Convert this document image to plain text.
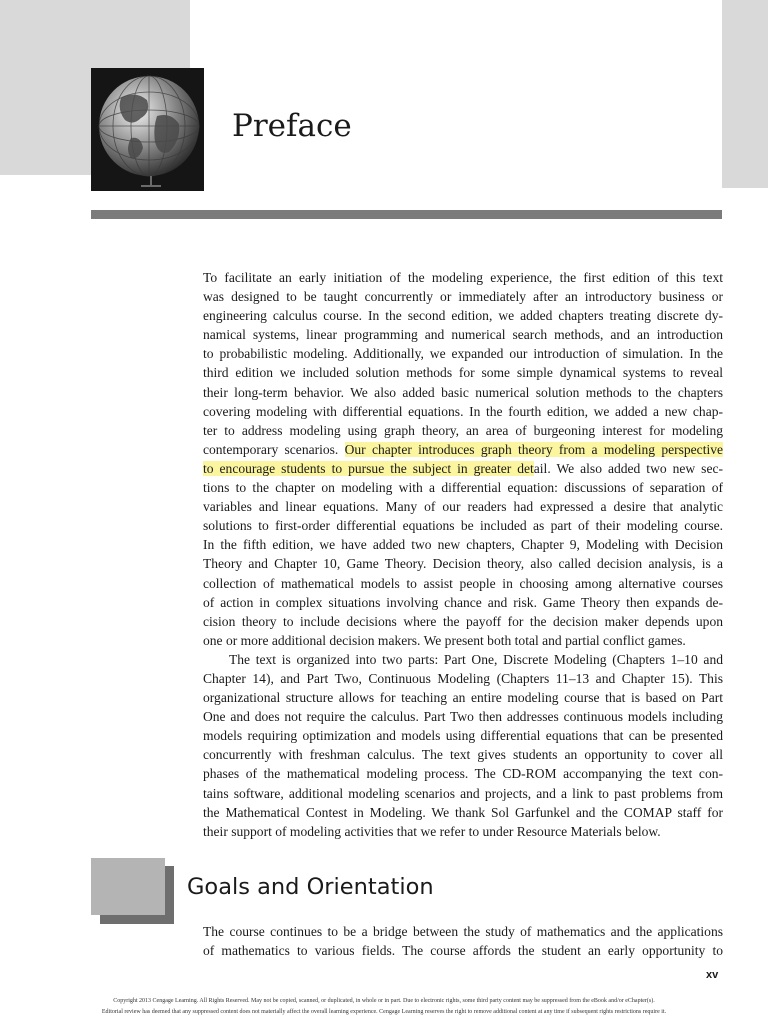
Preface
To facilitate an early initiation of the modeling experience, the first edition of this text
was designed to be taught concurrently or immediately after an introductory business or
engineering calculus course. In the second edition, we added chapters treating discrete dy-
namical systems, linear programming and numerical search methods, and an introduction
to probabilistic modeling. Additionally, we expanded our introduction of simulation. In the
third edition we included solution methods for some simple dynamical systems to reveal
their long-term behavior. We also added basic numerical solution methods to the chapters
covering modeling with differential equations. In the fourth edition, we added a new chap-
ter to address modeling using graph theory, an area of burgeoning interest for modeling
contemporary scenarios. Our chapter introduces graph theory from a modeling perspective
to encourage students to pursue the subject in greater detail. We also added two new sec-
tions to the chapter on modeling with a differential equation: discussions of separation of
variables and linear equations. Many of our readers had expressed a desire that analytic
solutions to first-order differential equations be included as part of their modeling course.
In the fifth edition, we have added two new chapters, Chapter 9, Modeling with Decision
Theory and Chapter 10, Game Theory. Decision theory, also called decision analysis, is a
collection of mathematical models to assist people in choosing among alternative courses
of action in complex situations involving chance and risk. Game Theory then expands de-
cision theory to include decisions where the payoff for the decision maker depends upon
one or more additional decision makers. We present both total and partial conflict games.
The text is organized into two parts: Part One, Discrete Modeling (Chapters 1–10 and
Chapter 14), and Part Two, Continuous Modeling (Chapters 11–13 and Chapter 15). This
organizational structure allows for teaching an entire modeling course that is based on Part
One and does not require the calculus. Part Two then addresses continuous models including
models requiring optimization and models using differential equations that can be presented
concurrently with freshman calculus. The text gives students an opportunity to cover all
phases of the mathematical modeling process. The CD-ROM accompanying the text con-
tains software, additional modeling scenarios and projects, and a link to past problems from
the Mathematical Contest in Modeling. We thank Sol Garfunkel and the COMAP staff for
their support of modeling activities that we refer to under Resource Materials below.
Goals and Orientation
The course continues to be a bridge between the study of mathematics and the applications
of mathematics to various fields. The course affords the student an early opportunity to
xv
Copyright 2013 Cengage Learning. All Rights Reserved. May not be copied, scanned, or duplicated, in whole or in part. Due to electronic rights, some third party content may be suppressed from the eBook and/or eChapter(s).
Editorial review has deemed that any suppressed content does not materially affect the overall learning experience. Cengage Learning reserves the right to remove additional content at any time if subsequent rights restrictions require it.
